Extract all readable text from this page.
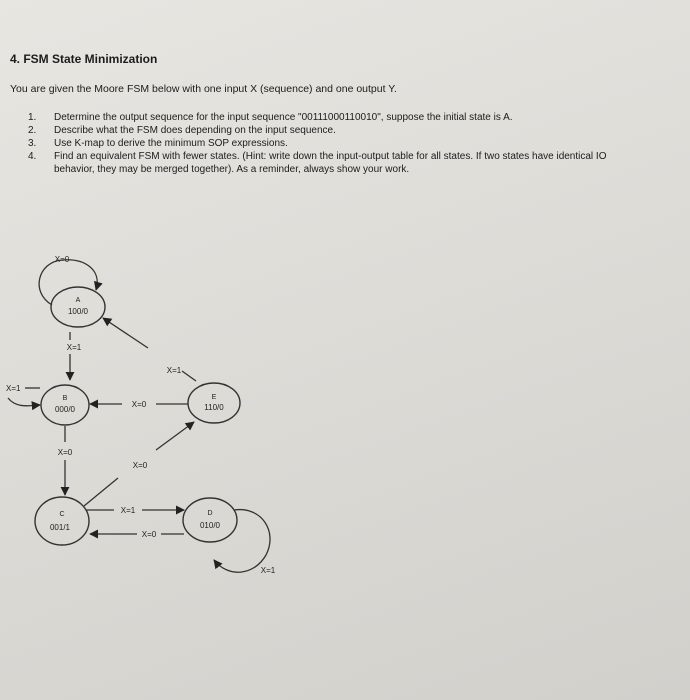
4. FSM State Minimization
You are given the Moore FSM below with one input X (sequence) and one output Y.
1.	Determine the output sequence for the input sequence "00111000110010", suppose the initial state is A.
2.	Describe what the FSM does depending on the input sequence.
3.	Use K-map to derive the minimum SOP expressions.
4.	Find an equivalent FSM with fewer states. (Hint: write down the input-output table for all states. If two states have identical IO behavior, they may be merged together). As a reminder, always show your work.
A
100/0
B
000/0
C
001/1
D
010/0
E
110/0
X=0
X=1
X=1
X=1
X=0
X=0
X=0
X=1
X=0
X=1
